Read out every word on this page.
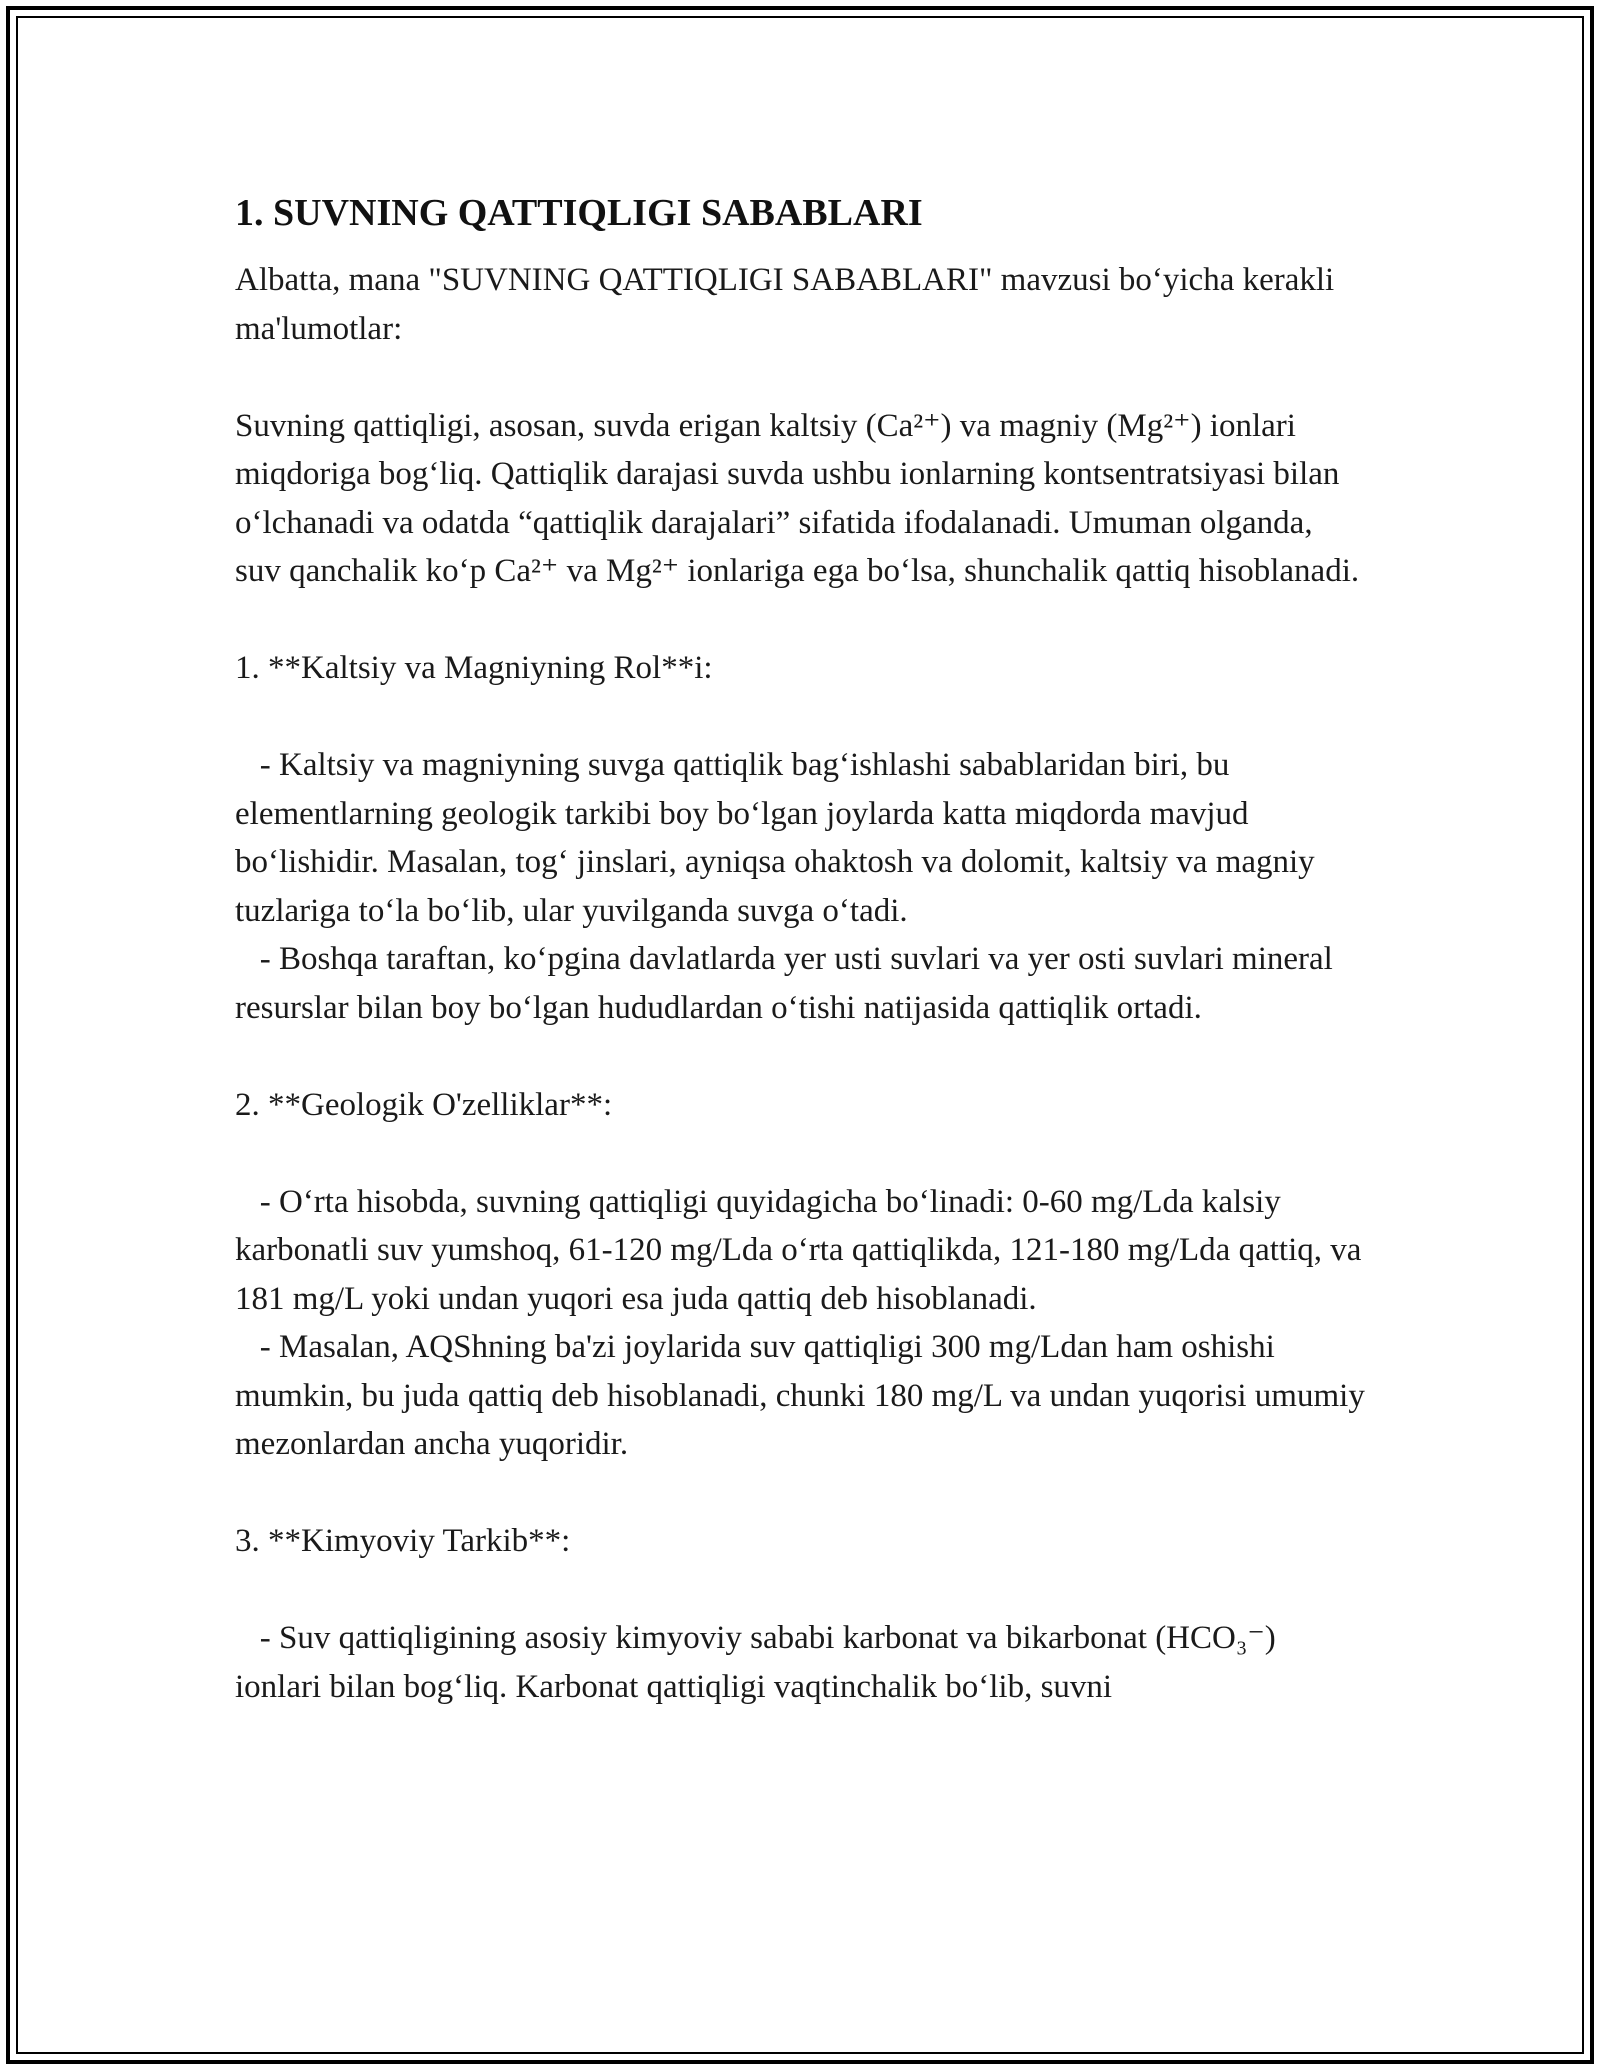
1. SUVNING QATTIQLIGI SABABLARI

Albatta, mana "SUVNING QATTIQLIGI SABABLARI" mavzusi bo‘yicha kerakli ma'lumotlar:

Suvning qattiqligi, asosan, suvda erigan kaltsiy (Ca²⁺) va magniy (Mg²⁺) ionlari miqdoriga bog‘liq. Qattiqlik darajasi suvda ushbu ionlarning kontsentratsiyasi bilan o‘lchanadi va odatda “qattiqlik darajalari” sifatida ifodalanadi. Umuman olganda, suv qanchalik ko‘p Ca²⁺ va Mg²⁺ ionlariga ega bo‘lsa, shunchalik qattiq hisoblanadi.

1. **Kaltsiy va Magniyning Rol**i:

- Kaltsiy va magniyning suvga qattiqlik bag‘ishlashi sabablaridan biri, bu elementlarning geologik tarkibi boy bo‘lgan joylarda katta miqdorda mavjud bo‘lishidir. Masalan, tog‘ jinslari, ayniqsa ohaktosh va dolomit, kaltsiy va magniy tuzlariga to‘la bo‘lib, ular yuvilganda suvga o‘tadi.

- Boshqa taraftan, ko‘pgina davlatlarda yer usti suvlari va yer osti suvlari mineral resurslar bilan boy bo‘lgan hududlardan o‘tishi natijasida qattiqlik ortadi.

2. **Geologik O'zelliklar**:

- O‘rta hisobda, suvning qattiqligi quyidagicha bo‘linadi: 0-60 mg/Lda kalsiy karbonatli suv yumshoq, 61-120 mg/Lda o‘rta qattiqlikda, 121-180 mg/Lda qattiq, va 181 mg/L yoki undan yuqori esa juda qattiq deb hisoblanadi.

- Masalan, AQShning ba'zi joylarida suv qattiqligi 300 mg/Ldan ham oshishi mumkin, bu juda qattiq deb hisoblanadi, chunki 180 mg/L va undan yuqorisi umumiy mezonlardan ancha yuqoridir.

3. **Kimyoviy Tarkib**:

- Suv qattiqligining asosiy kimyoviy sababi karbonat va bikarbonat (HCO₃⁻) ionlari bilan bog‘liq. Karbonat qattiqligi vaqtinchalik bo‘lib, suvni
